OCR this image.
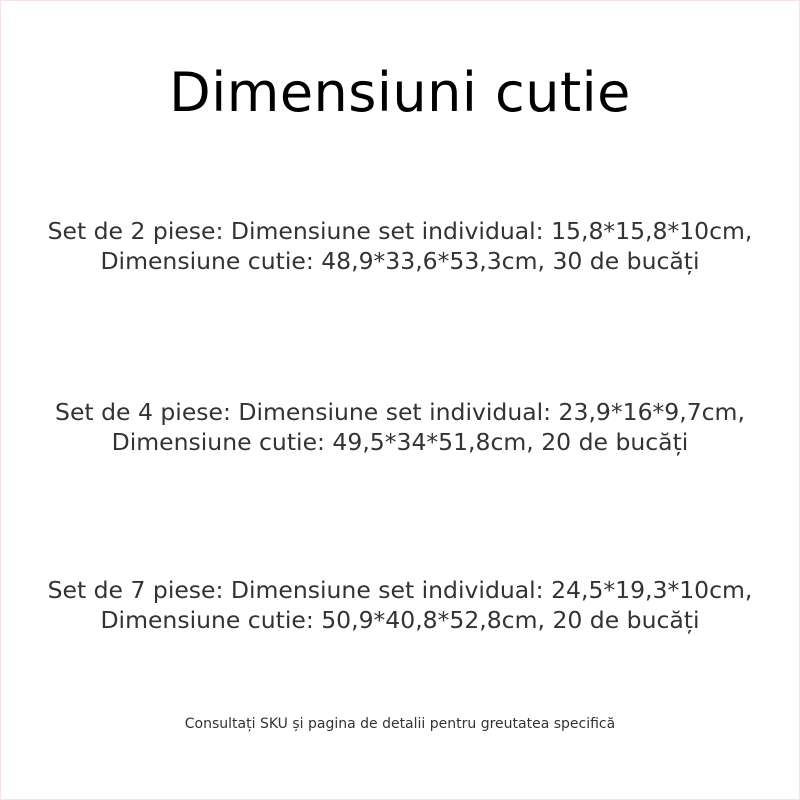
Dimensiuni cutie
Set de 2 piese: Dimensiune set individual: 15,8*15,8*10cm,
Dimensiune cutie: 48,9*33,6*53,3cm, 30 de bucăți
Set de 4 piese: Dimensiune set individual: 23,9*16*9,7cm,
Dimensiune cutie: 49,5*34*51,8cm, 20 de bucăți
Set de 7 piese: Dimensiune set individual: 24,5*19,3*10cm,
Dimensiune cutie: 50,9*40,8*52,8cm, 20 de bucăți
Consultați SKU și pagina de detalii pentru greutatea specifică
